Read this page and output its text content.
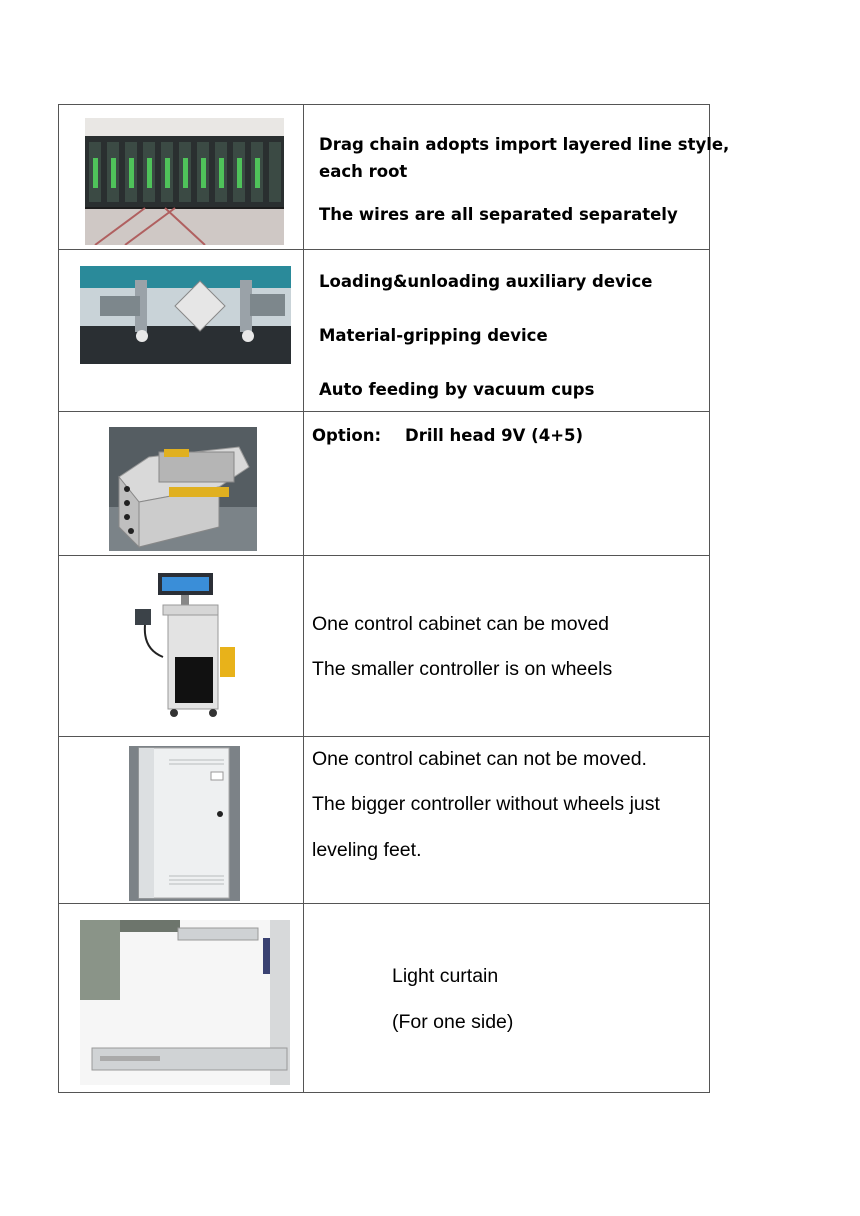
Drag chain adopts import layered line style,
each root
The wires are all separated separately

Loading&unloading auxiliary device
Material-gripping device
Auto feeding by vacuum cups

Option: Drill head 9V (4+5)

One control cabinet can be moved
The smaller controller is on wheels

One control cabinet can not be moved.
The bigger controller without wheels just
leveling feet.

Light curtain
(For one side)
